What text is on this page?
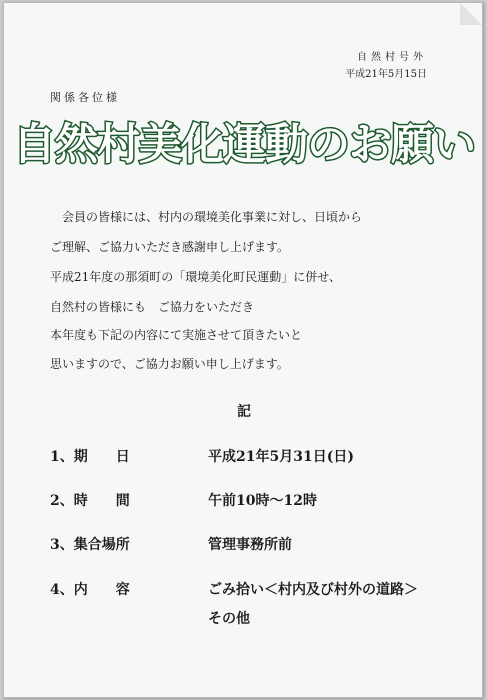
自然村号外
平成21年5月15日
関係各位様
自然村美化運動のお願い
　会員の皆様には、村内の環境美化事業に対し、日頃から
ご理解、ご協力いただき感謝申し上げます。
平成21年度の那須町の「環境美化町民運動」に併せ、
自然村の皆様にも　ご協力をいただき
本年度も下記の内容にて実施させて頂きたいと
思いますので、ご協力お願い申し上げます。
記
1、期　　日	平成21年5月31日(日)
2、時　　間	午前10時～12時
3、集合場所	管理事務所前
4、内　　容	ごみ拾い＜村内及び村外の道路＞
その他
